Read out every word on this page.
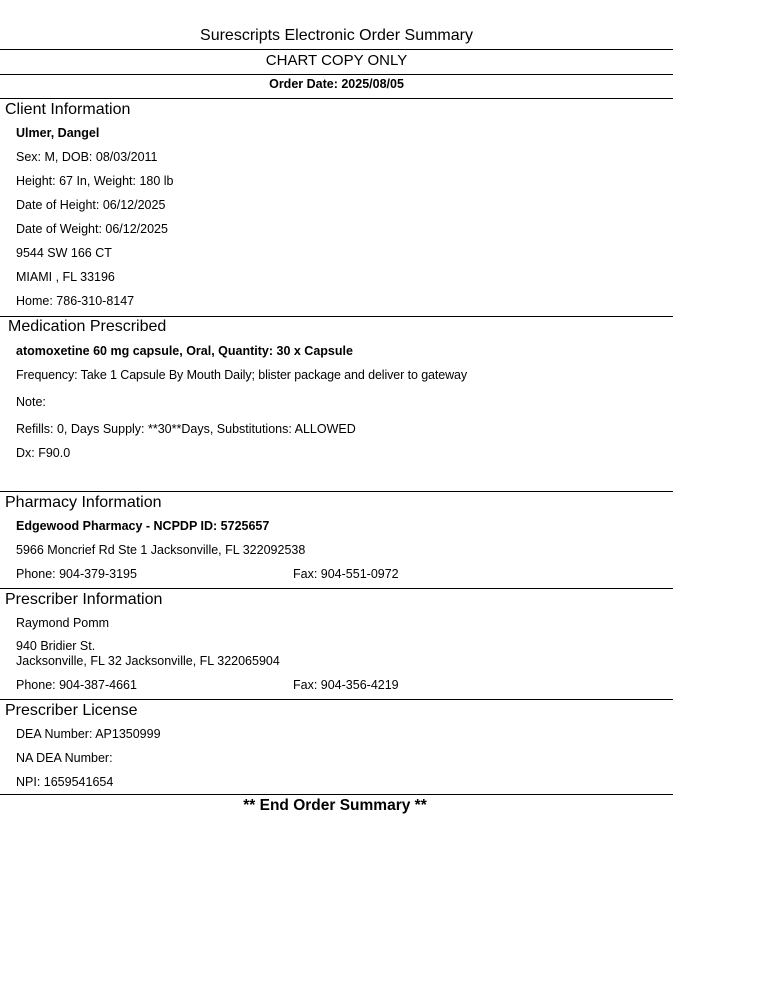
Surescripts Electronic Order Summary
CHART COPY ONLY
Order Date: 2025/08/05
Client Information
Ulmer, Dangel
Sex: M, DOB: 08/03/2011
Height: 67 In, Weight: 180 lb
Date of Height: 06/12/2025
Date of Weight: 06/12/2025
9544 SW 166 CT
MIAMI , FL 33196
Home: 786-310-8147
Medication Prescribed
atomoxetine 60 mg capsule, Oral, Quantity: 30 x Capsule
Frequency: Take 1 Capsule By Mouth Daily; blister package and deliver to gateway
Note:
Refills: 0, Days Supply: **30**Days, Substitutions: ALLOWED
Dx: F90.0
Pharmacy Information
Edgewood Pharmacy - NCPDP ID: 5725657
5966 Moncrief Rd Ste 1 Jacksonville, FL 322092538
Phone: 904-379-3195	Fax: 904-551-0972
Prescriber Information
Raymond Pomm
940 Bridier St.
Jacksonville, FL 32 Jacksonville, FL 322065904
Phone: 904-387-4661	Fax: 904-356-4219
Prescriber License
DEA Number: AP1350999
NA DEA Number:
NPI: 1659541654
** End Order Summary **
